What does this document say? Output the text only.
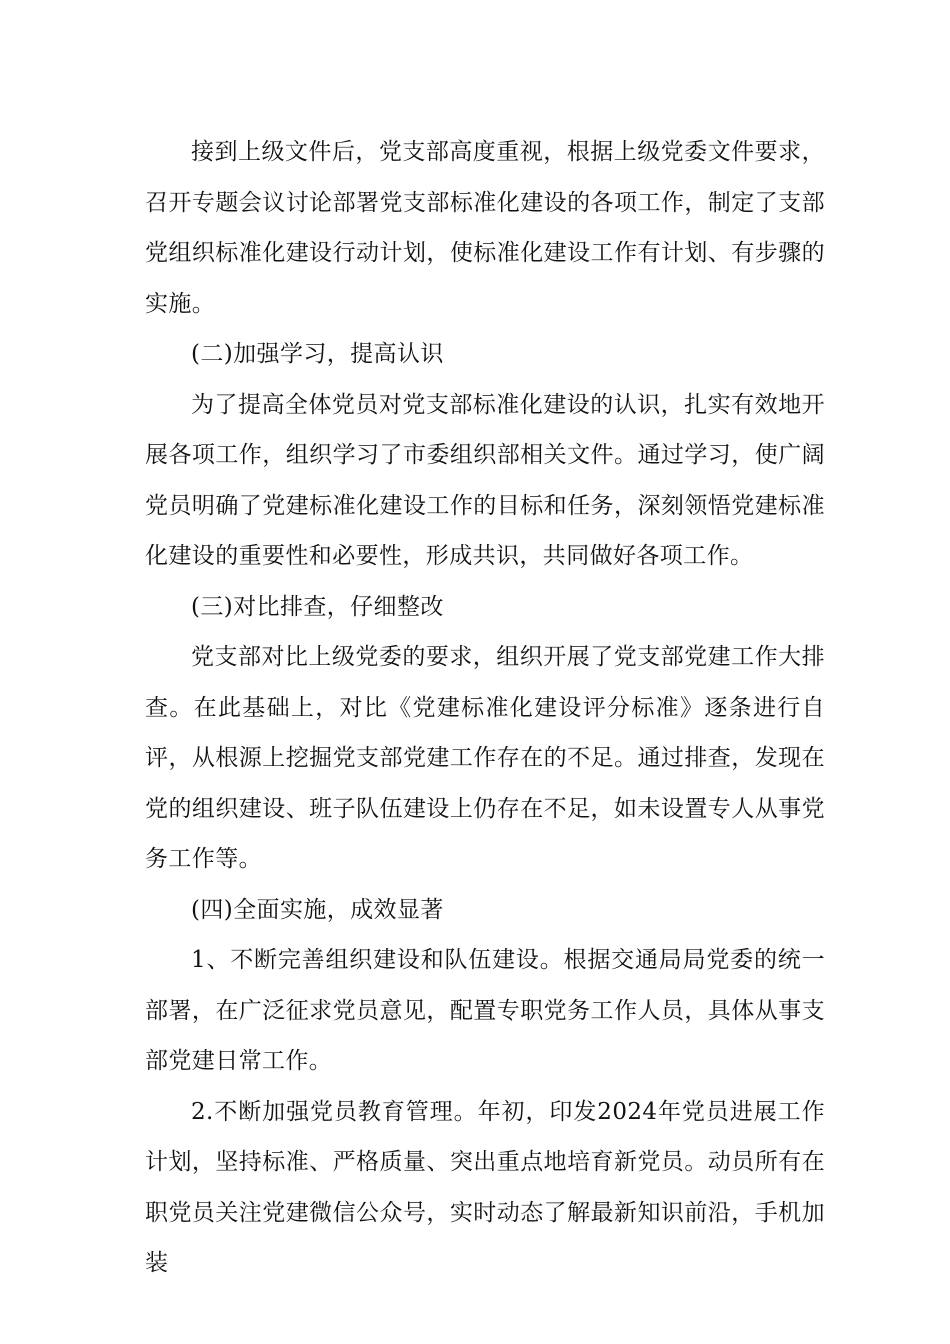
接到上级文件后，党支部高度重视，根据上级党委文件要求，召开专题会议讨论部署党支部标准化建设的各项工作，制定了支部党组织标准化建设行动计划，使标准化建设工作有计划、有步骤的实施。

(二)加强学习，提高认识

为了提高全体党员对党支部标准化建设的认识，扎实有效地开展各项工作，组织学习了市委组织部相关文件。通过学习，使广阔党员明确了党建标准化建设工作的目标和任务，深刻领悟党建标准化建设的重要性和必要性，形成共识，共同做好各项工作。

(三)对比排查，仔细整改

党支部对比上级党委的要求，组织开展了党支部党建工作大排查。在此基础上，对比《党建标准化建设评分标准》逐条进行自评，从根源上挖掘党支部党建工作存在的不足。通过排查，发现在党的组织建设、班子队伍建设上仍存在不足，如未设置专人从事党务工作等。

(四)全面实施，成效显著

1、不断完善组织建设和队伍建设。根据交通局局党委的统一部署，在广泛征求党员意见，配置专职党务工作人员，具体从事支部党建日常工作。

2.不断加强党员教育管理。年初，印发2024年党员进展工作计划，坚持标准、严格质量、突出重点地培育新党员。动员所有在职党员关注党建微信公众号，实时动态了解最新知识前沿，手机加装
